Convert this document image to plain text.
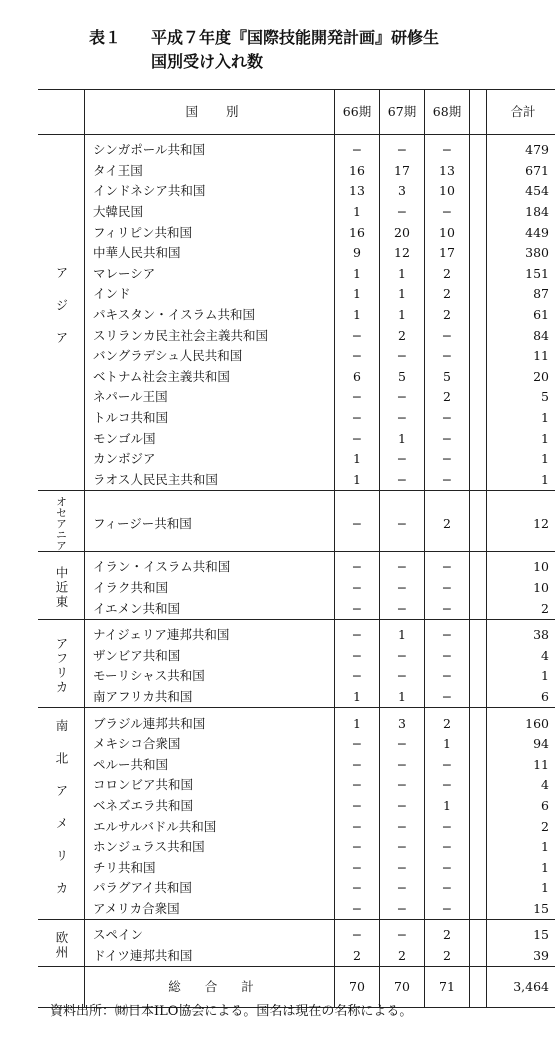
表１ 平成７年度『国際技能開発計画』研修生
国別受け入れ数
	国別	66期	67期	68期		合計

アジア	シンガポール共和国	−	−	−		479
	タイ王国	16	17	13		671
	インドネシア共和国	13	3	10		454
	大韓民国	1	−	−		184
	フィリピン共和国	16	20	10		449
	中華人民共和国	9	12	17		380
	マレーシア	1	1	2		151
	インド	1	1	2		87
	パキスタン・イスラム共和国	1	1	2		61
	スリランカ民主社会主義共和国	−	2	−		84
	バングラデシュ人民共和国	−	−	−		11
	ベトナム社会主義共和国	6	5	5		20
	ネパール王国	−	−	2		5
	トルコ共和国	−	−	−		1
	モンゴル国	−	1	−		1
	カンボジア	1	−	−		1
	ラオス人民民主共和国	1	−	−		1

オセアニア	フィージー共和国	−	−	2		12

中近東	イラン・イスラム共和国	−	−	−		10
	イラク共和国	−	−	−		10
	イエメン共和国	−	−	−		2

アフリカ	ナイジェリア連邦共和国	−	1	−		38
	ザンビア共和国	−	−	−		4
	モーリシャス共和国	−	−	−		1
	南アフリカ共和国	1	1	−		6

南北アメリカ	ブラジル連邦共和国	1	3	2		160
	メキシコ合衆国	−	−	1		94
	ペルー共和国	−	−	−		11
	コロンビア共和国	−	−	−		4
	ベネズエラ共和国	−	−	1		6
	エルサルバドル共和国	−	−	−		2
	ホンジュラス共和国	−	−	−		1
	チリ共和国	−	−	−		1
	パラグアイ共和国	−	−	−		1
	アメリカ合衆国	−	−	−		15

欧州	スペイン	−	−	2		15
	ドイツ連邦共和国	2	2	2		39
	総合計	70	70	71		3,464
資料出所：㈶日本ILO協会による。国名は現在の名称による。
